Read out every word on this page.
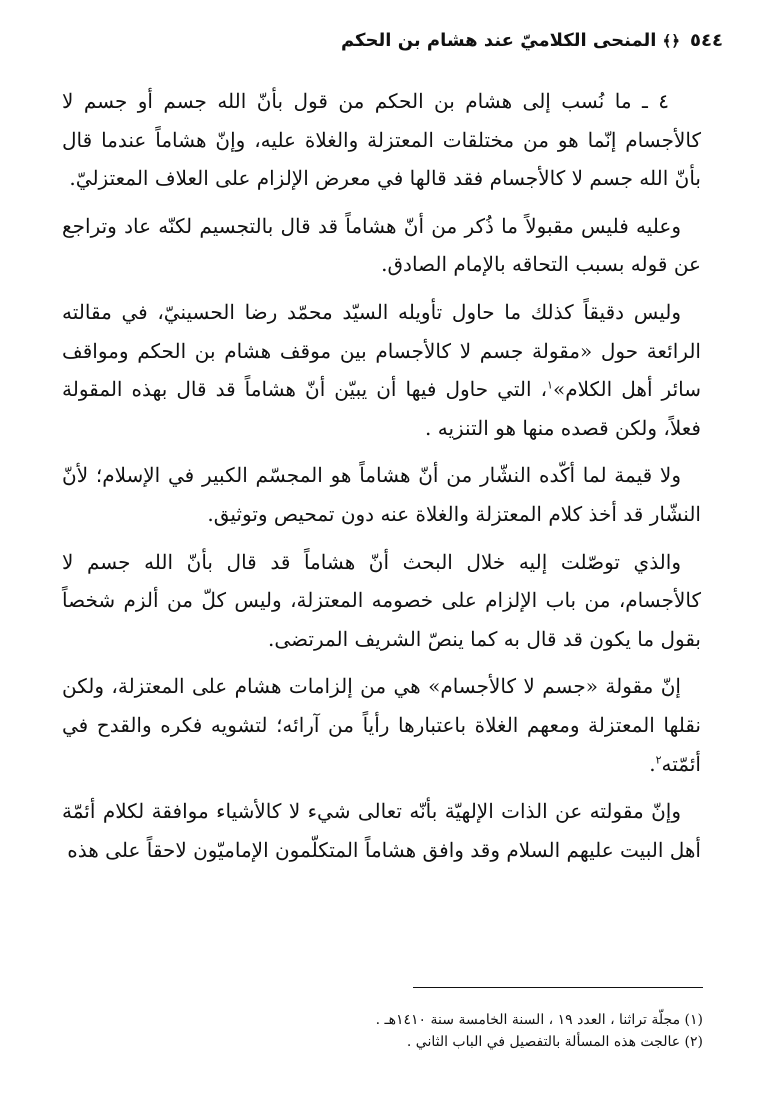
٥٤٤﴿﴾المنحى الكلاميّ عند هشام بن الحكم

٤ ـ ما نُسب إلى هشام بن الحكم من قول بأنّ الله جسم أو جسم لا كالأجسام إنّما هو من مختلقات المعتزلة والغلاة عليه، وإنّ هشاماً عندما قال بأنّ الله جسم لا كالأجسام فقد قالها في معرض الإلزام على العلاف المعتزليّ.

وعليه فليس مقبولاً ما ذُكر من أنّ هشاماً قد قال بالتجسيم لكنّه عاد وتراجع عن قوله بسبب التحاقه بالإمام الصادق.

وليس دقيقاً كذلك ما حاول تأويله السيّد محمّد رضا الحسينيّ، في مقالته الرائعة حول «مقولة جسم لا كالأجسام بين موقف هشام بن الحكم ومواقف سائر أهل الكلام»$^١$، التي حاول فيها أن يبيّن أنّ هشاماً قد قال بهذه المقولة فعلاً، ولكن قصده منها هو التنزيه .

ولا قيمة لما أكّده النشّار من أنّ هشاماً هو المجسّم الكبير في الإسلام؛ لأنّ النشّار قد أخذ كلام المعتزلة والغلاة عنه دون تمحيص وتوثيق.

والذي توصّلت إليه خلال البحث أنّ هشاماً قد قال بأنّ الله جسم لا كالأجسام، من باب الإلزام على خصومه المعتزلة، وليس كلّ من ألزم شخصاً بقول ما يكون قد قال به كما ينصّ الشريف المرتضى.

إنّ مقولة «جسم لا كالأجسام» هي من إلزامات هشام على المعتزلة، ولكن نقلها المعتزلة ومعهم الغلاة باعتبارها رأياً من آرائه؛ لتشويه فكره والقدح في أئمّته$^٢$.

وإنّ مقولته عن الذات الإلهيّة بأنّه تعالى شيء لا كالأشياء موافقة لكلام أئمّة أهل البيت عليهم السلام وقد وافق هشاماً المتكلّمون الإماميّون لاحقاً على هذه

(١) مجلّة تراثنا ، العدد ١٩ ، السنة الخامسة سنة ١٤١٠هـ .

(٢) عالجت هذه المسألة بالتفصيل في الباب الثاني .
